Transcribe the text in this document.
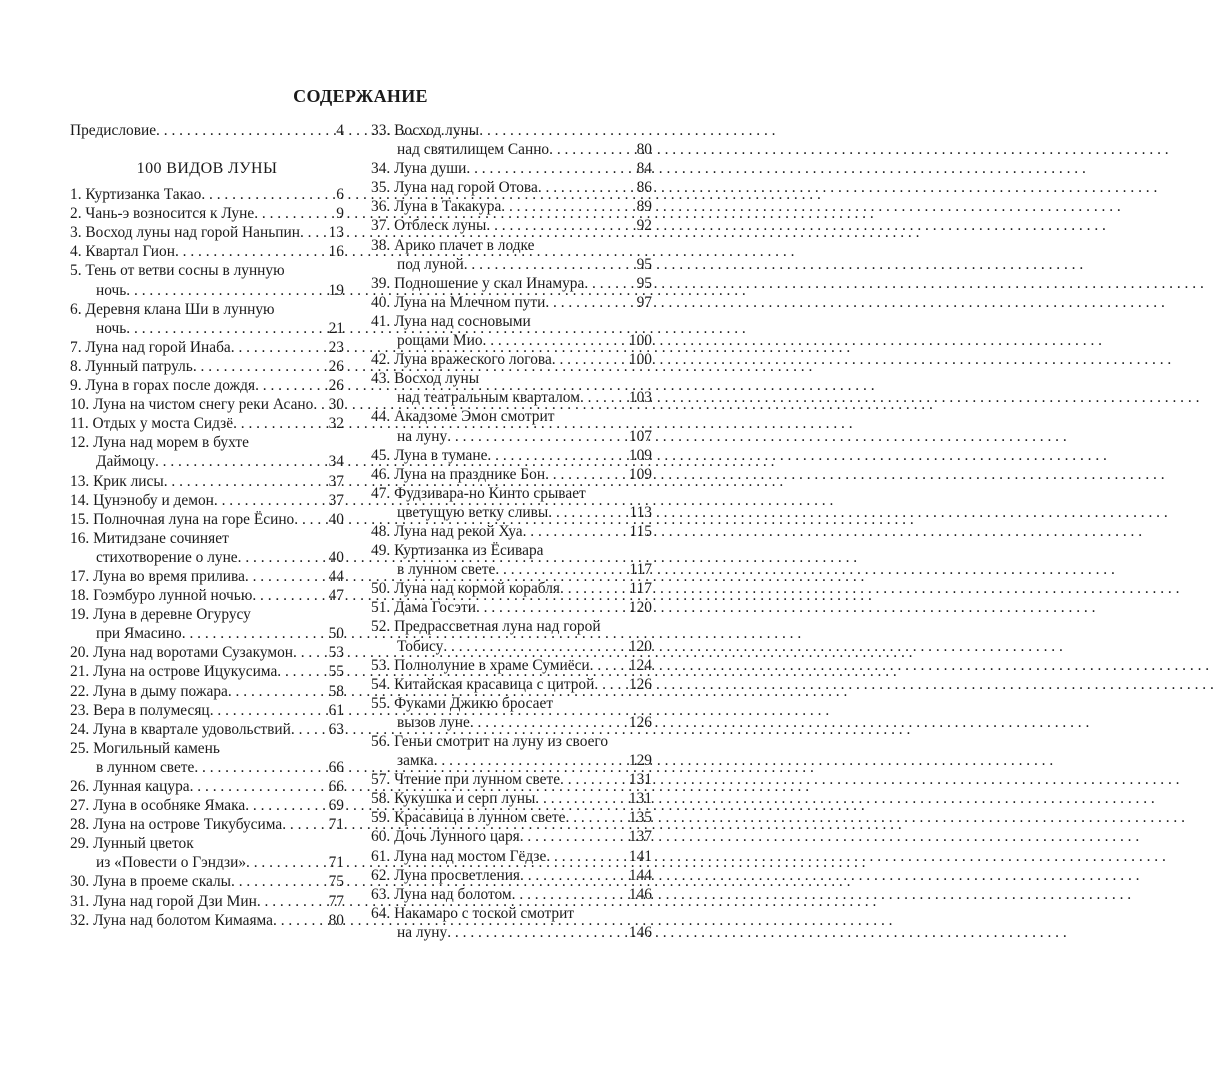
СОДЕРЖАНИЕ
Предисловие . . .	4
100 ВИДОВ ЛУНЫ
1. Куртизанка Такао . . .	6
2. Чань-э возносится к Луне . . .	9
3. Восход луны над горой Наньпин . . . 13
4. Квартал Гион . . .	16
5. Тень от ветви сосны в лунную
ночь . . .	19
6. Деревня клана Ши в лунную
ночь . . .	21
7. Луна над горой Инаба . . .	23
8. Лунный патруль . . .	26
9. Луна в горах после дождя . . .	26
10. Луна на чистом снегу реки Асано . . . 30
11. Отдых у моста Сидзё . . .	32
12. Луна над морем в бухте
Даймоцу . . .	34
13. Крик лисы . . .	37
14. Цунэнобу и демон . . .	37
15. Полночная луна на горе Ёсино . . . 40
16. Митидзане сочиняет
стихотворение о луне . . .	40
17. Луна во время прилива . . .	44
18. Гоэмбуро лунной ночью . . .	47
19. Луна в деревне Огурусу
при Ямасино . . .	50
20. Луна над воротами Сузакумон . . . 53
21. Луна на острове Ицукусима . . .	55
22. Луна в дыму пожара . . .	58
23. Вера в полумесяц . . .	61
24. Луна в квартале удовольствий . . . 63
25. Могильный камень
в лунном свете . . .	66
26. Лунная кацура . . .	66
27. Луна в особняке Ямака . . .	69
28. Луна на острове Тикубусима . . .	71
29. Лунный цветок
из «Повести о Гэндзи» . . .	71
30. Луна в проеме скалы . . .	75
31. Луна над горой Дзи Мин . . .	77
32. Луна над болотом Кимаяма . . .	80
33. Восход луны
над святилищем Санно . . .	80
34. Луна души . . .	84
35. Луна над горой Отова . . .	86
36. Луна в Такакура . . .	89
37. Отблеск луны . . .	92
38. Арико плачет в лодке
под луной . . .	95
39. Подношение у скал Инамура . . .	95
40. Луна на Млечном пути . . .	97
41. Луна над сосновыми
рощами Мио . . .	100
42. Луна вражеского логова . . .	100
43. Восход луны
над театральным кварталом . . .	103
44. Акадзоме Эмон смотрит
на луну . . .	107
45. Луна в тумане . . .	109
46. Луна на празднике Бон . . .	109
47. Фудзивара-но Кинто срывает
цветущую ветку сливы . . .	113
48. Луна над рекой Хуа . . .	115
49. Куртизанка из Ёсивара
в лунном свете . . .	117
50. Луна над кормой корабля . . .	117
51. Дама Госэти . . .	120
52. Предрассветная луна над горой
Тобису . . .	120
53. Полнолуние в храме Сумиёси . . .	124
54. Китайская красавица с цитрой . . . 126
55. Фуками Джикю бросает
вызов луне . . .	126
56. Геньи смотрит на луну из своего
замка . . .	129
57. Чтение при лунном свете . . .	131
58. Кукушка и серп луны . . .	131
59. Красавица в лунном свете . . .	135
60. Дочь Лунного царя . . .	137
61. Луна над мостом Гёдзе . . .	141
62. Луна просветления . . .	144
63. Луна над болотом . . .	146
64. Накамаро с тоской смотрит
на луну . . .	146
